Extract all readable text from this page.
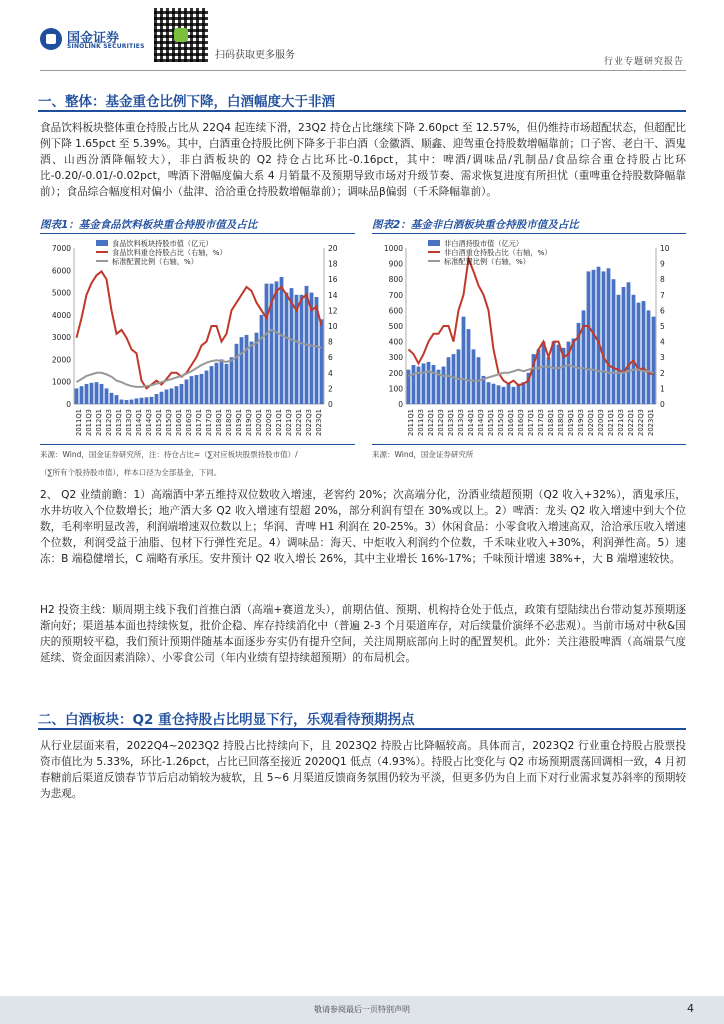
国金证券
SINOLINK SECURITIES
扫码获取更多服务
行业专题研究报告
一、整体：基金重仓比例下降，白酒幅度大于非酒
食品饮料板块整体重仓持股占比从 22Q4 起连续下滑，23Q2 持仓占比继续下降 2.60pct 至 12.57%，但仍维持市场超配状态，但超配比例下降 1.65pct 至 5.39%。其中，白酒重仓持股比例下降多于非白酒（金徽酒、顺鑫、迎驾重仓持股数增幅靠前；口子窖、老白干、酒鬼酒、山西汾酒降幅较大），非白酒板块的 Q2 持仓占比环比-0.16pct，其中：啤酒/调味品/乳制品/食品综合重仓持股占比环比-0.20/-0.01/-0.02pct，啤酒下滑幅度偏大系 4 月销量不及预期导致市场对升级节奏、需求恢复进度有所担忧（重啤重仓持股数降幅靠前）；食品综合幅度相对偏小（盐津、洽洽重仓持股数增幅靠前）；调味品β偏弱（千禾降幅靠前）。
图表1：基金食品饮料板块重仓持股市值及占比	图表2：基金非白酒板块重仓持股市值及占比
0
1000
2000
3000
4000
5000
6000
7000
0
2
4
6
8
10
12
14
16
18
20
2011Q1 2011Q3 2012Q1 2012Q3 2013Q1 2013Q3 2014Q1 2014Q3 2015Q1 2015Q3 2016Q1 2016Q3 2017Q1 2017Q3 2018Q1 2018Q3 2019Q1 2019Q3 2020Q1 2020Q3 2021Q1 2021Q3 2022Q1 2022Q3 2023Q1
食品饮料板块持股市值（亿元）
食品饮料重仓持股占比（右轴，%）
标准配置比例（右轴，%）
0
100
200
300
400
500
600
700
800
900
1000
0
1
2
3
4
5
6
7
8
9
10
2011Q1 2011Q3 2012Q1 2012Q3 2013Q1 2013Q3 2014Q1 2014Q3 2015Q1 2015Q3 2016Q1 2016Q3 2017Q1 2017Q3 2018Q1 2018Q3 2019Q1 2019Q3 2020Q1 2020Q3 2021Q1 2021Q3 2022Q1 2022Q3 2023Q1
非白酒持股市值（亿元）
非白酒重仓持股占比（右轴，%）
标准配置比例（右轴，%）
来源：Wind，国金证券研究所，注：持仓占比=（∑对应板块股票持股市值）/
（∑所有个股持股市值），样本口径为全部基金，下同。
来源：Wind，国金证券研究所
2、 Q2 业绩前瞻：1）高端酒中茅五维持双位数收入增速，老窖约 20%；次高端分化，汾酒业绩超预期（Q2 收入+32%），酒鬼承压，水井坊收入个位数增长；地产酒大多 Q2 收入增速有望超 20%，部分利润有望在 30%或以上。2）啤酒：龙头 Q2 收入增速中到大个位数，毛利率明显改善，利润端增速双位数以上；华润、青啤 H1 利润在 20-25%。3）休闲食品：小零食收入增速高双，洽洽承压收入增速个位数，利润受益于油脂、包材下行弹性充足。4）调味品：海天、中炬收入利润约个位数，千禾味业收入+30%，利润弹性高。5）速冻：B 端稳健增长，C 端略有承压。安井预计 Q2 收入增长 26%，其中主业增长 16%-17%；千味预计增速 38%+，大 B 端增速较快。
H2 投资主线：顺周期主线下我们首推白酒（高端+赛道龙头），前期估值、预期、机构持仓处于低点，政策有望陆续出台带动复苏预期逐渐向好；渠道基本面也持续恢复，批价企稳、库存持续消化中（普遍 2-3 个月渠道库存，对后续量价演绎不必悲观）。当前市场对中秋&国庆的预期较平稳，我们预计预期伴随基本面逐步夯实仍有提升空间，关注周期底部向上时的配置契机。此外：关注港股啤酒（高端景气度延续、资金面因素消除）、小零食公司（年内业绩有望持续超预期）的布局机会。
二、白酒板块：Q2 重仓持股占比明显下行，乐观看待预期拐点
从行业层面来看，2022Q4~2023Q2 持股占比持续向下，且 2023Q2 持股占比降幅较高。具体而言，2023Q2 行业重仓持股占股票投资市值比为 5.33%，环比-1.26pct，占比已回落至接近 2020Q1 低点（4.93%）。持股占比变化与 Q2 市场预期震荡回调相一致，4 月初春糖前后渠道反馈春节节后启动销较为疲软，且 5~6 月渠道反馈商务氛围仍较为平淡，但更多仍为自上而下对行业需求复苏斜率的预期较为悲观。
敬请参阅最后一页特别声明	4
